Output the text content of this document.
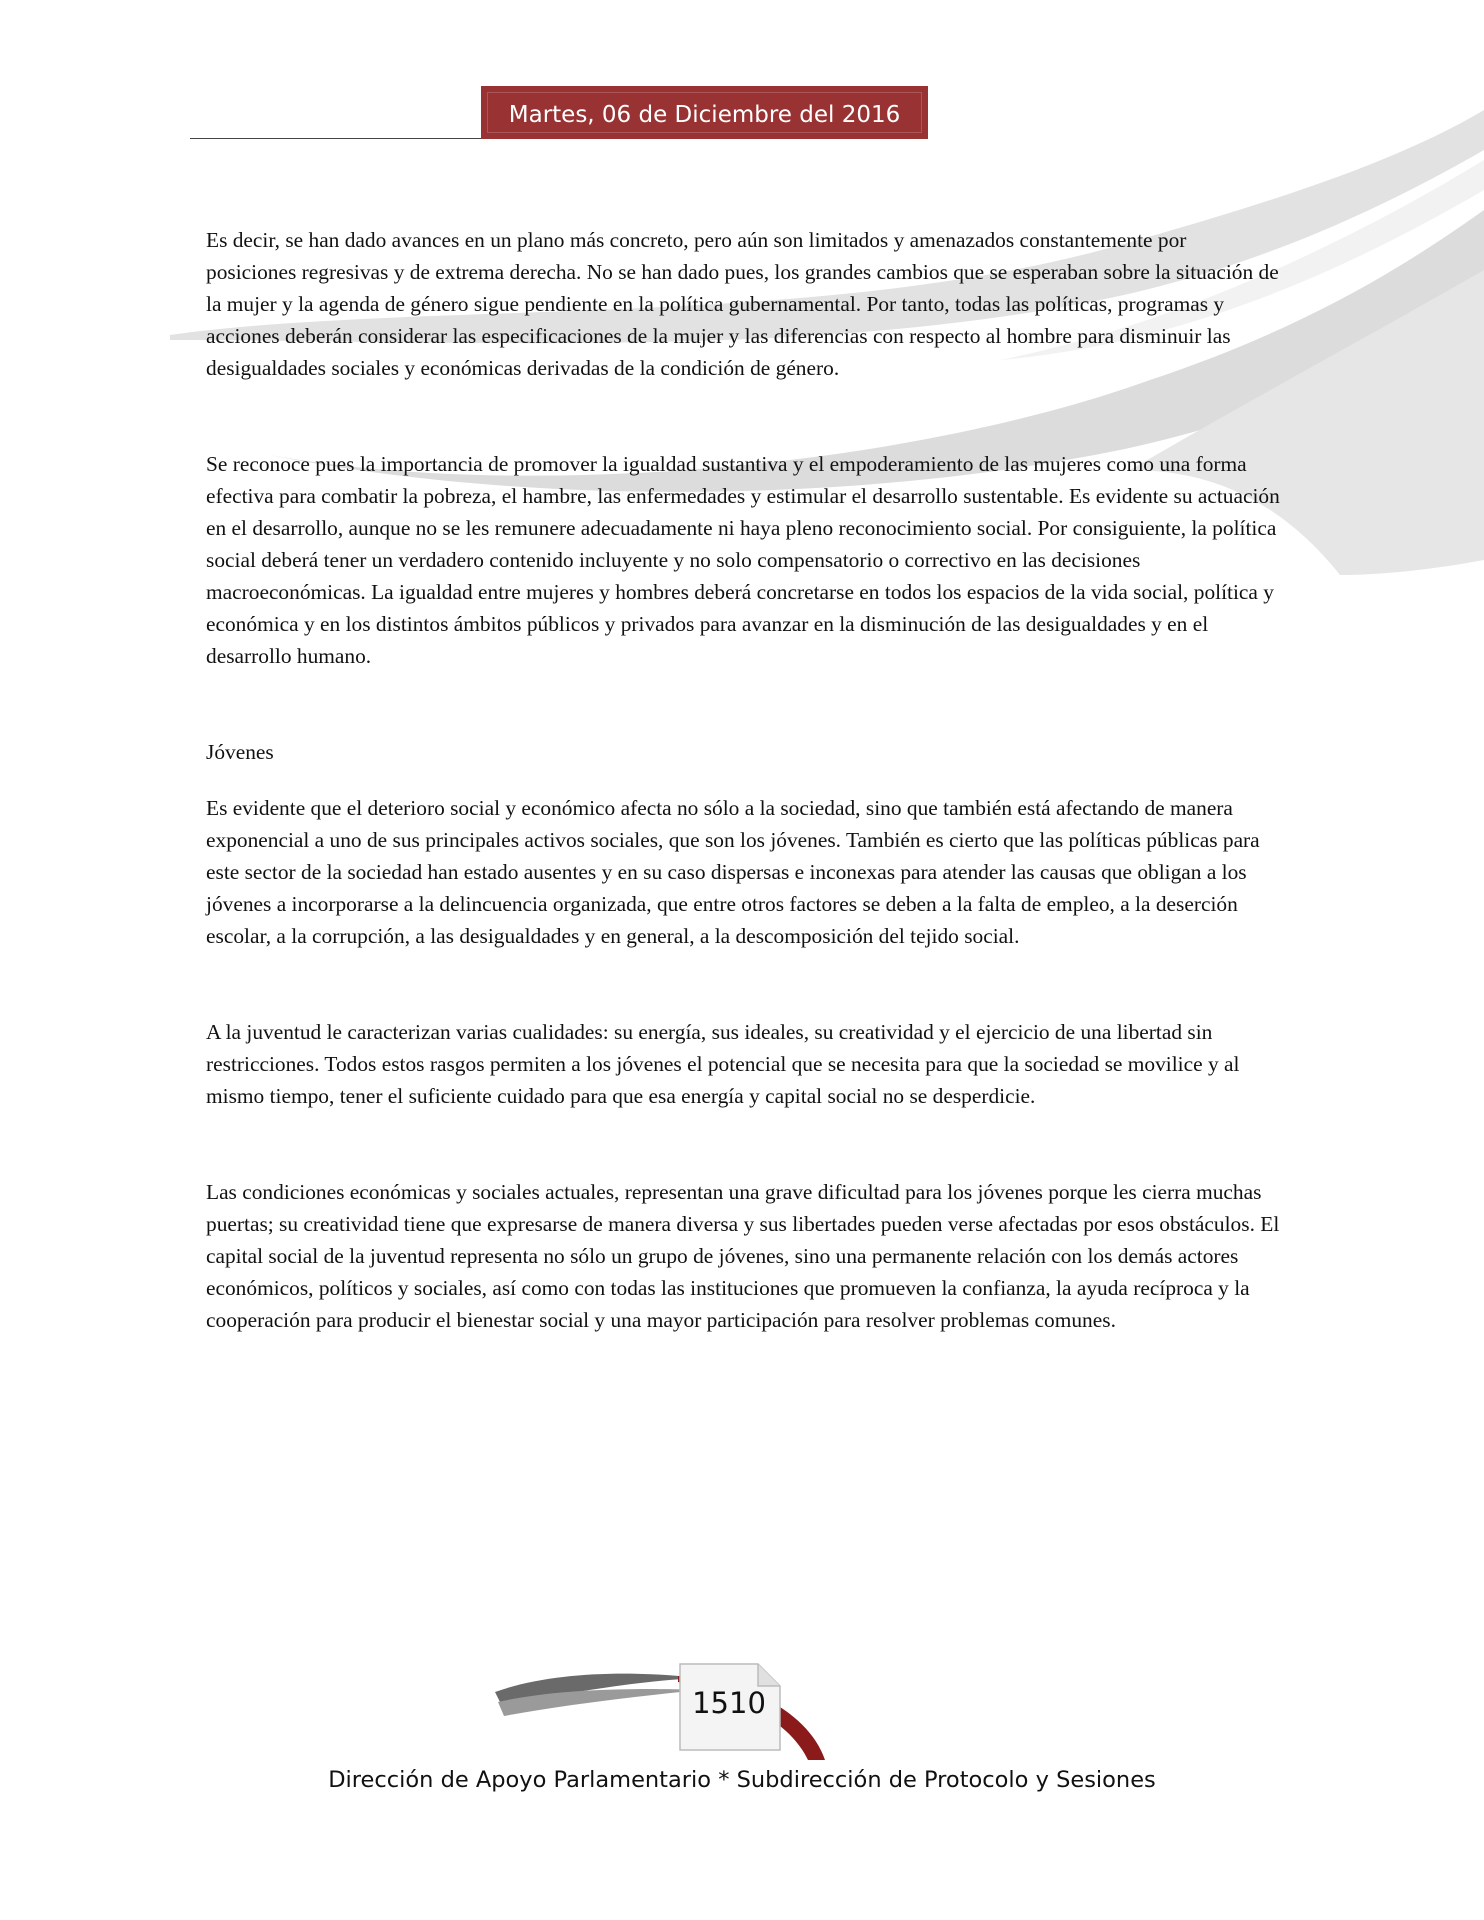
Martes, 06 de Diciembre del 2016

Es decir, se han dado avances en un plano más concreto, pero aún son limitados y amenazados constantemente por posiciones regresivas y de extrema derecha. No se han dado pues, los grandes cambios que se esperaban sobre la situación de la mujer y la agenda de género sigue pendiente en la política gubernamental. Por tanto, todas las políticas, programas y acciones deberán considerar las especificaciones de la mujer y las diferencias con respecto al hombre para disminuir las desigualdades sociales y económicas derivadas de la condición de género.

Se reconoce pues la importancia de promover la igualdad sustantiva y el empoderamiento de las mujeres como una forma efectiva para combatir la pobreza, el hambre, las enfermedades y estimular el desarrollo sustentable. Es evidente su actuación en el desarrollo, aunque no se les remunere adecuadamente ni haya pleno reconocimiento social. Por consiguiente, la política social deberá tener un verdadero contenido incluyente y no solo compensatorio o correctivo en las decisiones macroeconómicas. La igualdad entre mujeres y hombres deberá concretarse en todos los espacios de la vida social, política y económica y en los distintos ámbitos públicos y privados para avanzar en la disminución de las desigualdades y en el desarrollo humano.

Jóvenes

Es evidente que el deterioro social y económico afecta no sólo a la sociedad, sino que también está afectando de manera exponencial a uno de sus principales activos sociales, que son los jóvenes. También es cierto que las políticas públicas para este sector de la sociedad han estado ausentes y en su caso dispersas e inconexas para atender las causas que obligan a los jóvenes a incorporarse a la delincuencia organizada, que entre otros factores se deben a la falta de empleo, a la deserción escolar, a la corrupción, a las desigualdades y en general, a la descomposición del tejido social.

A la juventud le caracterizan varias cualidades: su energía, sus ideales, su creatividad y el ejercicio de una libertad sin restricciones. Todos estos rasgos permiten a los jóvenes el potencial que se necesita para que la sociedad se movilice y al mismo tiempo, tener el suficiente cuidado para que esa energía y capital social no se desperdicie.

Las condiciones económicas y sociales actuales, representan una grave dificultad para los jóvenes porque les cierra muchas puertas; su creatividad tiene que expresarse de manera diversa y sus libertades pueden verse afectadas por esos obstáculos. El capital social de la juventud representa no sólo un grupo de jóvenes, sino una permanente relación con los demás actores económicos, políticos y sociales, así como con todas las instituciones que promueven la confianza, la ayuda recíproca y la cooperación para producir el bienestar social y una mayor participación para resolver problemas comunes.

1510
Dirección de Apoyo Parlamentario * Subdirección de Protocolo y Sesiones
